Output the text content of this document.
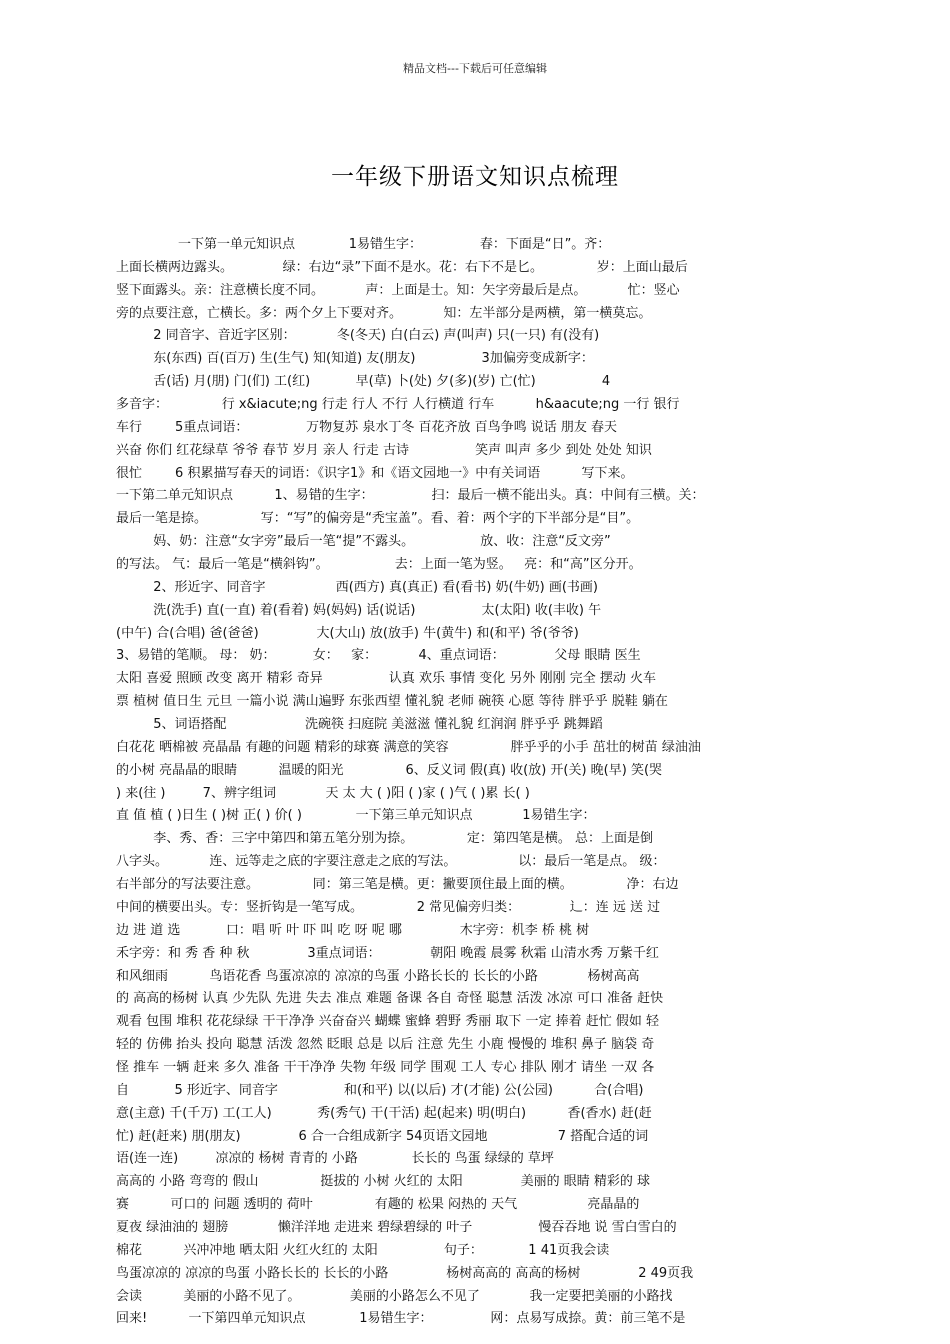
精品文档---下载后可任意编辑
一年级下册语文知识点梳理
一下第一单元知识点             1易错生字：              春：下面是“日”。齐：
上面长横两边露头。            绿：右边“录”下面不是水。花：右下不是匕。             岁：上面山最后
竖下面露头。亲：注意横长度不同。          声：上面是士。知：矢字旁最后是点。          忙：竖心
旁的点要注意，亡横长。多：两个夕上下要对齐。          知：左半部分是两横，第一横莫忘。
2 同音字、音近字区别：          冬(冬天) 白(白云) 声(叫声) 只(一只) 有(没有)
东(东西) 百(百万) 生(生气) 知(知道) 友(朋友)                3加偏旁变成新字：
舌(话) 月(朋) 门(们) 工(红)           早(草) 卜(处) 夕(多)(岁) 亡(忙)                4
多音字：             行 x&iacute;ng 行走 行人 不行 人行横道 行车          h&aacute;ng 一行 银行
车行        5重点词语：              万物复苏 泉水丁冬 百花齐放 百鸟争鸣 说话 朋友 春天
兴奋 你们 红花绿草 爷爷 春节 岁月 亲人 行走 古诗                笑声 叫声 多少 到处 处处 知识
很忙        6 积累描写春天的词语：《识字1》和《语文园地一》中有关词语          写下来。
一下第二单元知识点          1、易错的生字：              扫：最后一横不能出头。真：中间有三横。关：
最后一笔是捺。             写：“写”的偏旁是“秃宝盖”。看、着：两个字的下半部分是“目”。
妈、奶：注意“女字旁”最后一笔“提”不露头。                放、收：注意“反文旁”
的写法。 气：最后一笔是“横斜钩”。                去：上面一笔为竖。   亮：和“高”区分开。
2、形近字、同音字                 西(西方) 真(真正) 看(看书) 奶(牛奶) 画(书画)
洗(洗手) 直(一直) 着(看着) 妈(妈妈) 话(说话)                太(太阳) 收(丰收) 午
(中午) 合(合唱) 爸(爸爸)              大(大山) 放(放手) 牛(黄牛) 和(和平) 爷(爷爷)
3、易错的笔顺。 母： 奶：         女：   家：          4、重点词语：            父母 眼睛 医生
太阳 喜爱 照顾 改变 离开 精彩 奇异                认真 欢乐 事情 变化 另外 刚刚 完全 摆动 火车
票 植树 值日生 元旦 一篇小说 满山遍野 东张西望 懂礼貌 老师 碗筷 心愿 等待 胖乎乎 脱鞋 躺在
5、词语搭配                   洗碗筷 扫庭院 美滋滋 懂礼貌 红润润 胖乎乎 跳舞蹈
白花花 晒棉被 亮晶晶 有趣的问题 精彩的球赛 满意的笑容               胖乎乎的小手 茁壮的树苗 绿油油
的小树 亮晶晶的眼睛          温暖的阳光               6、反义词 假(真) 收(放) 开(关) 晚(早) 笑(哭
) 来(往 )         7、辨字组词            天 太 大 ( )阳 ( )家 ( )气 ( )累 长( )
直 值 植 ( )日生 ( )树 正( ) 价( )             一下第三单元知识点            1易错生字：
李、秀、香：三字中第四和第五笔分别为捺。             定：第四笔是横。 总：上面是倒
八字头。          连、远等走之底的字要注意走之底的写法。               以：最后一笔是点。 级：
右半部分的写法要注意。             同：第三笔是横。更：撇要顶住最上面的横。             净：右边
中间的横要出头。专：竖折钩是一笔写成。             2 常见偏旁归类：            辶：连 远 送 过
边 进 道 选           口：唱 听 叶 吓 叫 吃 呀 呢 哪              木字旁：机李 桥 桃 树
禾字旁：和 秀 香 种 秋              3重点词语：            朝阳 晚霞 晨雾 秋霜 山清水秀 万紫千红
和风细雨          鸟语花香 鸟蛋凉凉的 凉凉的鸟蛋 小路长长的 长长的小路            杨树高高
的 高高的杨树 认真 少先队 先进 失去 准点 难题 备课 各自 奇怪 聪慧 活泼 冰凉 可口 准备 赶快
观看 包围 堆积 花花绿绿 干干净净 兴奋奋兴 蝴蝶 蜜蜂 碧野 秀丽 取下 一定 捧着 赶忙 假如 轻
轻的 仿佛 抬头 投向 聪慧 活泼 忽然 眨眼 总是 以后 注意 先生 小鹿 慢慢的 堆积 鼻子 脑袋 奇
怪 推车 一辆 赶来 多久 准备 干干净净 失物 年级 同学 围观 工人 专心 排队 刚才 请坐 一双 各
自           5 形近字、同音字                和(和平) 以(以后) 才(才能) 公(公园)          合(合唱)
意(主意) 千(千万) 工(工人)           秀(秀气) 干(干活) 起(起来) 明(明白)          香(香水) 赶(赶
忙) 赶(赶来) 朋(朋友)              6 合一合组成新字 54页语文园地                 7 搭配合适的词
语(连一连)         凉凉的 杨树 青青的 小路             长长的 鸟蛋 绿绿的 草坪
高高的 小路 弯弯的 假山               挺拔的 小树 火红的 太阳              美丽的 眼睛 精彩的 球
赛          可口的 问题 透明的 荷叶               有趣的 松果 闷热的 天气                 亮晶晶的
夏夜 绿油油的 翅膀            懒洋洋地 走进来 碧绿碧绿的 叶子                慢吞吞地 说 雪白雪白的
棉花          兴冲冲地 晒太阳 火红火红的 太阳                句子：           1 41页我会读
鸟蛋凉凉的 凉凉的鸟蛋 小路长长的 长长的小路              杨树高高的 高高的杨树              2 49页我
会读          美丽的小路不见了。            美丽的小路怎么不见了            我一定要把美丽的小路找
回来!          一下第四单元知识点             1易错生字：              网：点易写成捺。黄：前三笔不是
